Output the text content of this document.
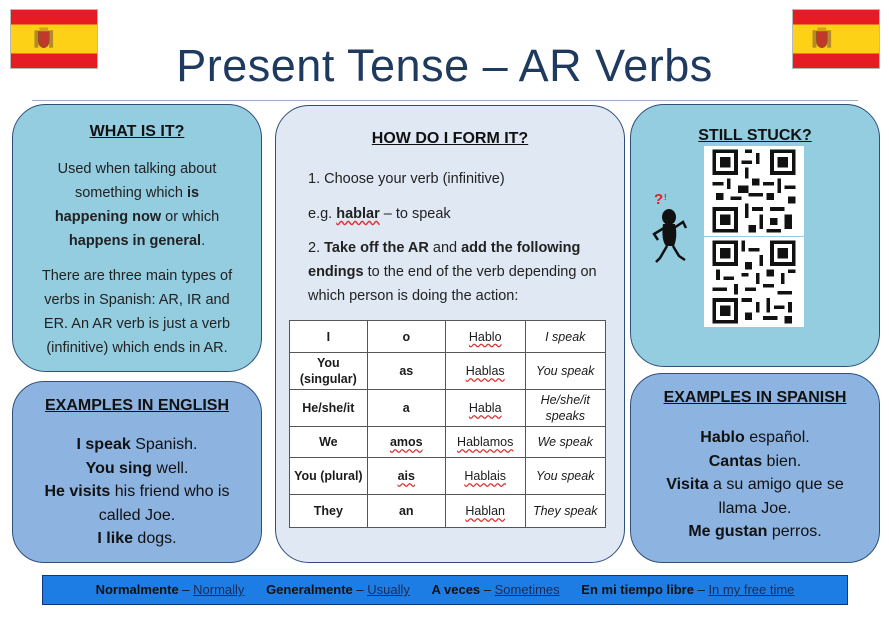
Present Tense – AR Verbs
WHAT IS IT?
Used when talking about something which is happening now or which happens in general.
There are three main types of verbs in Spanish: AR, IR and ER. An AR verb is just a verb (infinitive) which ends in AR.
EXAMPLES IN ENGLISH
I speak Spanish.
You sing well.
He visits his friend who is called Joe.
I like dogs.
HOW DO I FORM IT?
1. Choose your verb (infinitive)
e.g. hablar – to speak
2. Take off the AR and add the following endings to the end of the verb depending on which person is doing the action:
I	o	Hablo	I speak
You (singular)	as	Hablas	You speak
He/she/it	a	Habla	He/she/it speaks
We	amos	Hablamos	We speak
You (plural)	ais	Hablais	You speak
They	an	Hablan	They speak
STILL STUCK?
? !
EXAMPLES IN SPANISH
Hablo español.
Cantas bien.
Visita a su amigo que se llama Joe.
Me gustan perros.
Normalmente – Normally Generalmente – Usually A veces – Sometimes En mi tiempo libre – In my free time
